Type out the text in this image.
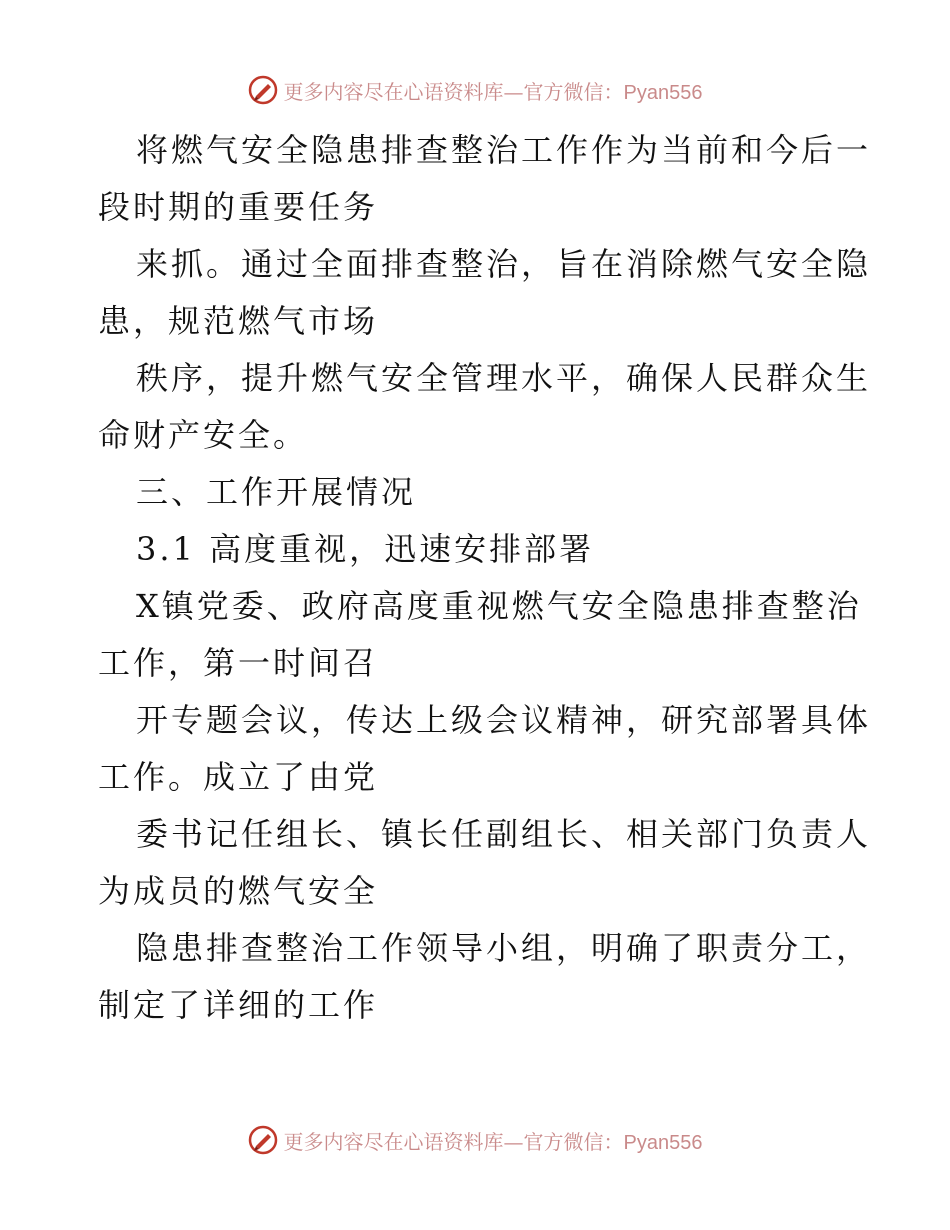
更多内容尽在心语资料库—官方微信：Pyan556
将燃气安全隐患排查整治工作作为当前和今后一
段时期的重要任务
来抓。通过全面排查整治，旨在消除燃气安全隐
患，规范燃气市场
秩序，提升燃气安全管理水平，确保人民群众生
命财产安全。
三、工作开展情况
3.1 高度重视，迅速安排部署
X镇党委、政府高度重视燃气安全隐患排查整治
工作，第一时间召
开专题会议，传达上级会议精神，研究部署具体
工作。成立了由党
委书记任组长、镇长任副组长、相关部门负责人
为成员的燃气安全
隐患排查整治工作领导小组，明确了职责分工，
制定了详细的工作
更多内容尽在心语资料库—官方微信：Pyan556
